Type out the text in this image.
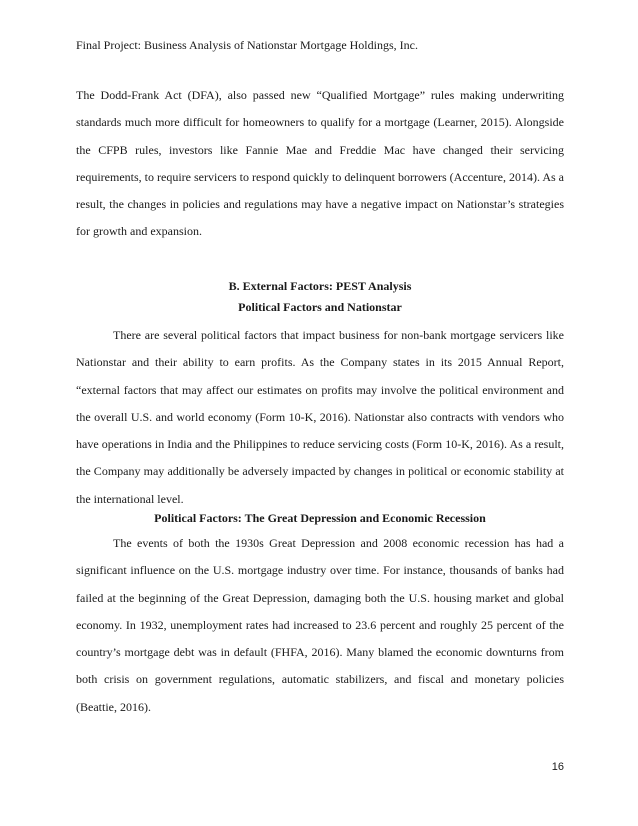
Final Project: Business Analysis of Nationstar Mortgage Holdings, Inc.

The Dodd-Frank Act (DFA), also passed new “Qualified Mortgage” rules making underwriting standards much more difficult for homeowners to qualify for a mortgage (Learner, 2015). Alongside the CFPB rules, investors like Fannie Mae and Freddie Mac have changed their servicing requirements, to require servicers to respond quickly to delinquent borrowers (Accenture, 2014). As a result, the changes in policies and regulations may have a negative impact on Nationstar’s strategies for growth and expansion.

B. External Factors: PEST Analysis

Political Factors and Nationstar

There are several political factors that impact business for non-bank mortgage servicers like Nationstar and their ability to earn profits. As the Company states in its 2015 Annual Report, “external factors that may affect our estimates on profits may involve the political environment and the overall U.S. and world economy (Form 10-K, 2016). Nationstar also contracts with vendors who have operations in India and the Philippines to reduce servicing costs (Form 10-K, 2016). As a result, the Company may additionally be adversely impacted by changes in political or economic stability at the international level.

Political Factors: The Great Depression and Economic Recession

The events of both the 1930s Great Depression and 2008 economic recession has had a significant influence on the U.S. mortgage industry over time. For instance, thousands of banks had failed at the beginning of the Great Depression, damaging both the U.S. housing market and global economy. In 1932, unemployment rates had increased to 23.6 percent and roughly 25 percent of the country’s mortgage debt was in default (FHFA, 2016). Many blamed the economic downturns from both crisis on government regulations, automatic stabilizers, and fiscal and monetary policies (Beattie, 2016).

16
